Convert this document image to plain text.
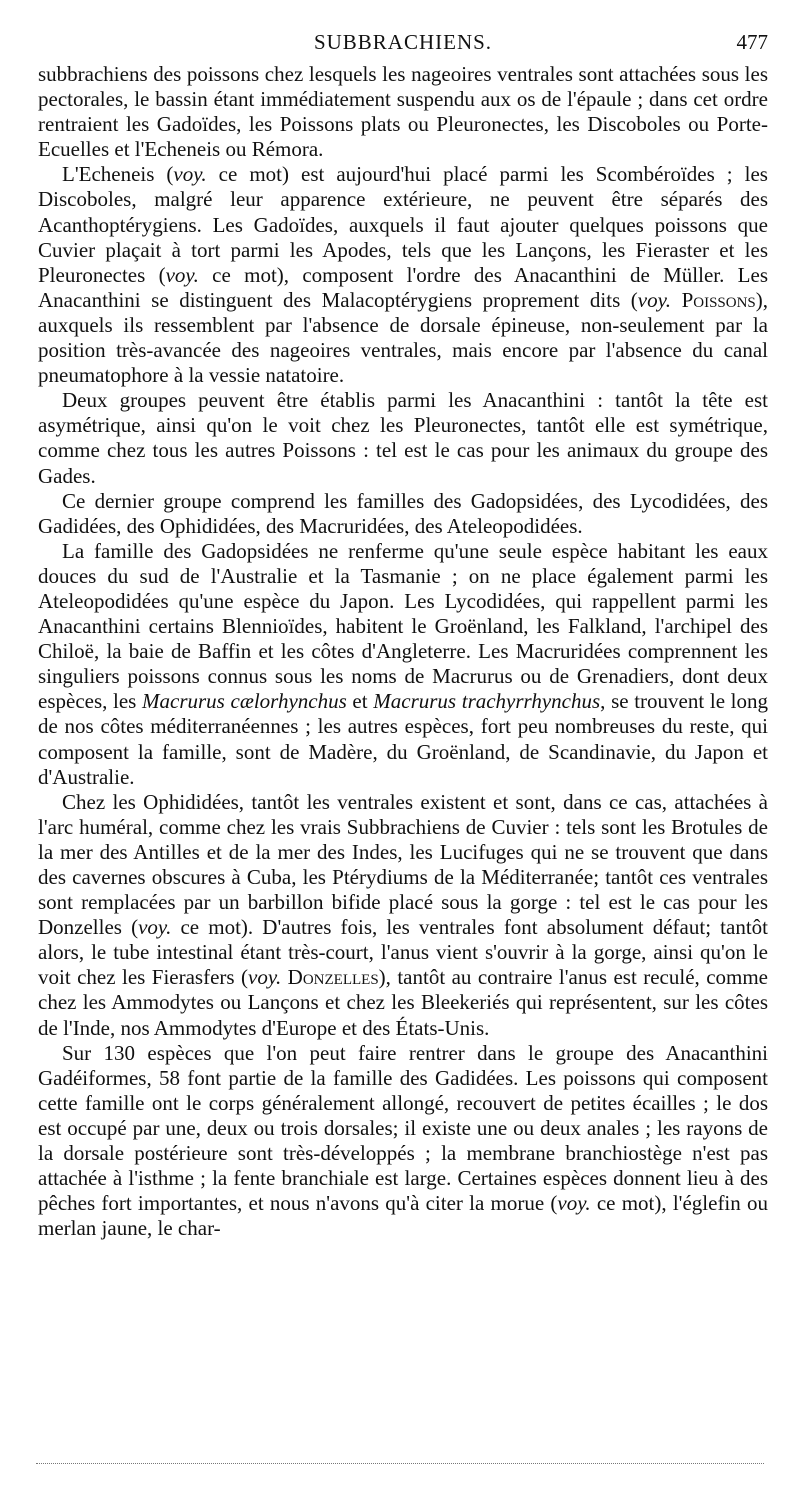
SUBBRACHIENS.	477

subbrachiens des poissons chez lesquels les nageoires ventrales sont attachées sous les pectorales, le bassin étant immédiatement suspendu aux os de l'épaule ; dans cet ordre rentraient les Gadoïdes, les Poissons plats ou Pleuronectes, les Discoboles ou Porte-Ecuelles et l'Echeneis ou Rémora.

L'Echeneis (voy. ce mot) est aujourd'hui placé parmi les Scombéroïdes ; les Discoboles, malgré leur apparence extérieure, ne peuvent être séparés des Acanthoptérygiens. Les Gadoïdes, auxquels il faut ajouter quelques poissons que Cuvier plaçait à tort parmi les Apodes, tels que les Lançons, les Fieraster et les Pleuronectes (voy. ce mot), composent l'ordre des Anacanthini de Müller. Les Anacanthini se distinguent des Malacoptérygiens proprement dits (voy. Poissons), auxquels ils ressemblent par l'absence de dorsale épineuse, non-seulement par la position très-avancée des nageoires ventrales, mais encore par l'absence du canal pneumatophore à la vessie natatoire.

Deux groupes peuvent être établis parmi les Anacanthini : tantôt la tête est asymétrique, ainsi qu'on le voit chez les Pleuronectes, tantôt elle est symétrique, comme chez tous les autres Poissons : tel est le cas pour les animaux du groupe des Gades.

Ce dernier groupe comprend les familles des Gadopsidées, des Lycodidées, des Gadidées, des Ophididées, des Macruridées, des Ateleopodidées.

La famille des Gadopsidées ne renferme qu'une seule espèce habitant les eaux douces du sud de l'Australie et la Tasmanie ; on ne place également parmi les Ateleopodidées qu'une espèce du Japon. Les Lycodidées, qui rappellent parmi les Anacanthini certains Blennioïdes, habitent le Groënland, les Falkland, l'archipel des Chiloë, la baie de Baffin et les côtes d'Angleterre. Les Macruridées comprennent les singuliers poissons connus sous les noms de Macrurus ou de Grenadiers, dont deux espèces, les Macrurus cælorhynchus et Macrurus trachyrrhynchus, se trouvent le long de nos côtes méditerranéennes ; les autres espèces, fort peu nombreuses du reste, qui composent la famille, sont de Madère, du Groënland, de Scandinavie, du Japon et d'Australie.

Chez les Ophididées, tantôt les ventrales existent et sont, dans ce cas, attachées à l'arc huméral, comme chez les vrais Subbrachiens de Cuvier : tels sont les Brotules de la mer des Antilles et de la mer des Indes, les Lucifuges qui ne se trouvent que dans des cavernes obscures à Cuba, les Ptérydiums de la Méditerranée; tantôt ces ventrales sont remplacées par un barbillon bifide placé sous la gorge : tel est le cas pour les Donzelles (voy. ce mot). D'autres fois, les ventrales font absolument défaut; tantôt alors, le tube intestinal étant très-court, l'anus vient s'ouvrir à la gorge, ainsi qu'on le voit chez les Fierasfers (voy. Donzelles), tantôt au contraire l'anus est reculé, comme chez les Ammodytes ou Lançons et chez les Bleekeriés qui représentent, sur les côtes de l'Inde, nos Ammodytes d'Europe et des États-Unis.

Sur 130 espèces que l'on peut faire rentrer dans le groupe des Anacanthini Gadéiformes, 58 font partie de la famille des Gadidées. Les poissons qui composent cette famille ont le corps généralement allongé, recouvert de petites écailles ; le dos est occupé par une, deux ou trois dorsales; il existe une ou deux anales ; les rayons de la dorsale postérieure sont très-développés ; la membrane branchiostège n'est pas attachée à l'isthme ; la fente branchiale est large. Certaines espèces donnent lieu à des pêches fort importantes, et nous n'avons qu'à citer la morue (voy. ce mot), l'églefin ou merlan jaune, le char-
